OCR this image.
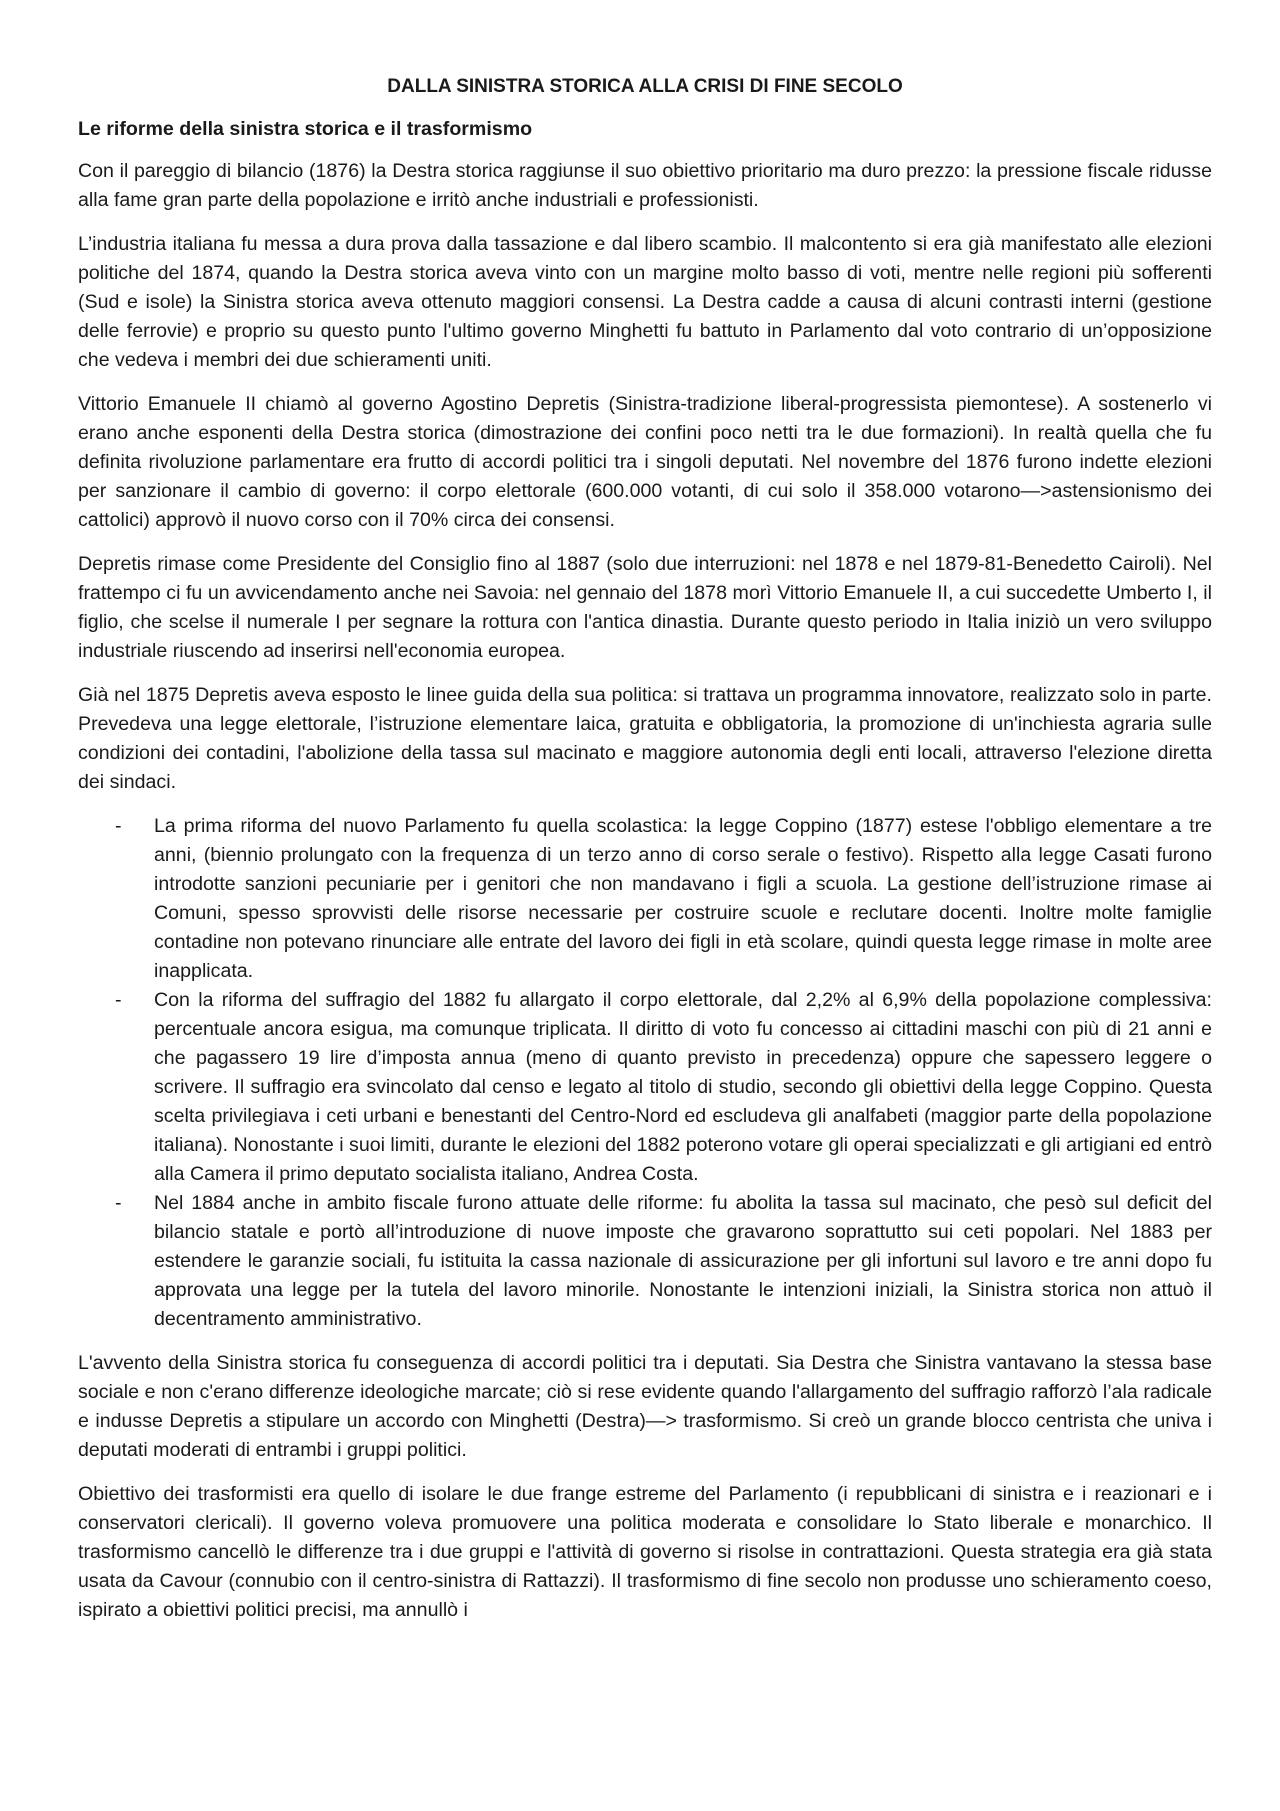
DALLA SINISTRA STORICA ALLA CRISI DI FINE SECOLO
Le riforme della sinistra storica e il trasformismo

Con il pareggio di bilancio (1876) la Destra storica raggiunse il suo obiettivo prioritario ma duro prezzo: la pressione fiscale ridusse alla fame gran parte della popolazione e irritò anche industriali e professionisti.

L’industria italiana fu messa a dura prova dalla tassazione e dal libero scambio. Il malcontento si era già manifestato alle elezioni politiche del 1874, quando la Destra storica aveva vinto con un margine molto basso di voti, mentre nelle regioni più sofferenti (Sud e isole) la Sinistra storica aveva ottenuto maggiori consensi. La Destra cadde a causa di alcuni contrasti interni (gestione delle ferrovie) e proprio su questo punto l'ultimo governo Minghetti fu battuto in Parlamento dal voto contrario di un’opposizione che vedeva i membri dei due schieramenti uniti.

Vittorio Emanuele II chiamò al governo Agostino Depretis (Sinistra-tradizione liberal-progressista piemontese). A sostenerlo vi erano anche esponenti della Destra storica (dimostrazione dei confini poco netti tra le due formazioni). In realtà quella che fu definita rivoluzione parlamentare era frutto di accordi politici tra i singoli deputati. Nel novembre del 1876 furono indette elezioni per sanzionare il cambio di governo: il corpo elettorale (600.000 votanti, di cui solo il 358.000 votarono—>astensionismo dei cattolici) approvò il nuovo corso con il 70% circa dei consensi.

Depretis rimase come Presidente del Consiglio fino al 1887 (solo due interruzioni: nel 1878 e nel 1879-81-Benedetto Cairoli). Nel frattempo ci fu un avvicendamento anche nei Savoia: nel gennaio del 1878 morì Vittorio Emanuele II, a cui succedette Umberto I, il figlio, che scelse il numerale I per segnare la rottura con l'antica dinastia. Durante questo periodo in Italia iniziò un vero sviluppo industriale riuscendo ad inserirsi nell'economia europea.

Già nel 1875 Depretis aveva esposto le linee guida della sua politica: si trattava un programma innovatore, realizzato solo in parte. Prevedeva una legge elettorale, l’istruzione elementare laica, gratuita e obbligatoria, la promozione di un'inchiesta agraria sulle condizioni dei contadini, l'abolizione della tassa sul macinato e maggiore autonomia degli enti locali, attraverso l'elezione diretta dei sindaci.

- La prima riforma del nuovo Parlamento fu quella scolastica: la legge Coppino (1877) estese l'obbligo elementare a tre anni, (biennio prolungato con la frequenza di un terzo anno di corso serale o festivo). Rispetto alla legge Casati furono introdotte sanzioni pecuniarie per i genitori che non mandavano i figli a scuola. La gestione dell’istruzione rimase ai Comuni, spesso sprovvisti delle risorse necessarie per costruire scuole e reclutare docenti. Inoltre molte famiglie contadine non potevano rinunciare alle entrate del lavoro dei figli in età scolare, quindi questa legge rimase in molte aree inapplicata.
- Con la riforma del suffragio del 1882 fu allargato il corpo elettorale, dal 2,2% al 6,9% della popolazione complessiva: percentuale ancora esigua, ma comunque triplicata. Il diritto di voto fu concesso ai cittadini maschi con più di 21 anni e che pagassero 19 lire d’imposta annua (meno di quanto previsto in precedenza) oppure che sapessero leggere o scrivere. Il suffragio era svincolato dal censo e legato al titolo di studio, secondo gli obiettivi della legge Coppino. Questa scelta privilegiava i ceti urbani e benestanti del Centro-Nord ed escludeva gli analfabeti (maggior parte della popolazione italiana). Nonostante i suoi limiti, durante le elezioni del 1882 poterono votare gli operai specializzati e gli artigiani ed entrò alla Camera il primo deputato socialista italiano, Andrea Costa.
- Nel 1884 anche in ambito fiscale furono attuate delle riforme: fu abolita la tassa sul macinato, che pesò sul deficit del bilancio statale e portò all’introduzione di nuove imposte che gravarono soprattutto sui ceti popolari. Nel 1883 per estendere le garanzie sociali, fu istituita la cassa nazionale di assicurazione per gli infortuni sul lavoro e tre anni dopo fu approvata una legge per la tutela del lavoro minorile. Nonostante le intenzioni iniziali, la Sinistra storica non attuò il decentramento amministrativo.

L'avvento della Sinistra storica fu conseguenza di accordi politici tra i deputati. Sia Destra che Sinistra vantavano la stessa base sociale e non c'erano differenze ideologiche marcate; ciò si rese evidente quando l'allargamento del suffragio rafforzò l’ala radicale e indusse Depretis a stipulare un accordo con Minghetti (Destra)—> trasformismo. Si creò un grande blocco centrista che univa i deputati moderati di entrambi i gruppi politici.

Obiettivo dei trasformisti era quello di isolare le due frange estreme del Parlamento (i repubblicani di sinistra e i reazionari e i conservatori clericali). Il governo voleva promuovere una politica moderata e consolidare lo Stato liberale e monarchico. Il trasformismo cancellò le differenze tra i due gruppi e l'attività di governo si risolse in contrattazioni. Questa strategia era già stata usata da Cavour (connubio con il centro-sinistra di Rattazzi). Il trasformismo di fine secolo non produsse uno schieramento coeso, ispirato a obiettivi politici precisi, ma annullò i
